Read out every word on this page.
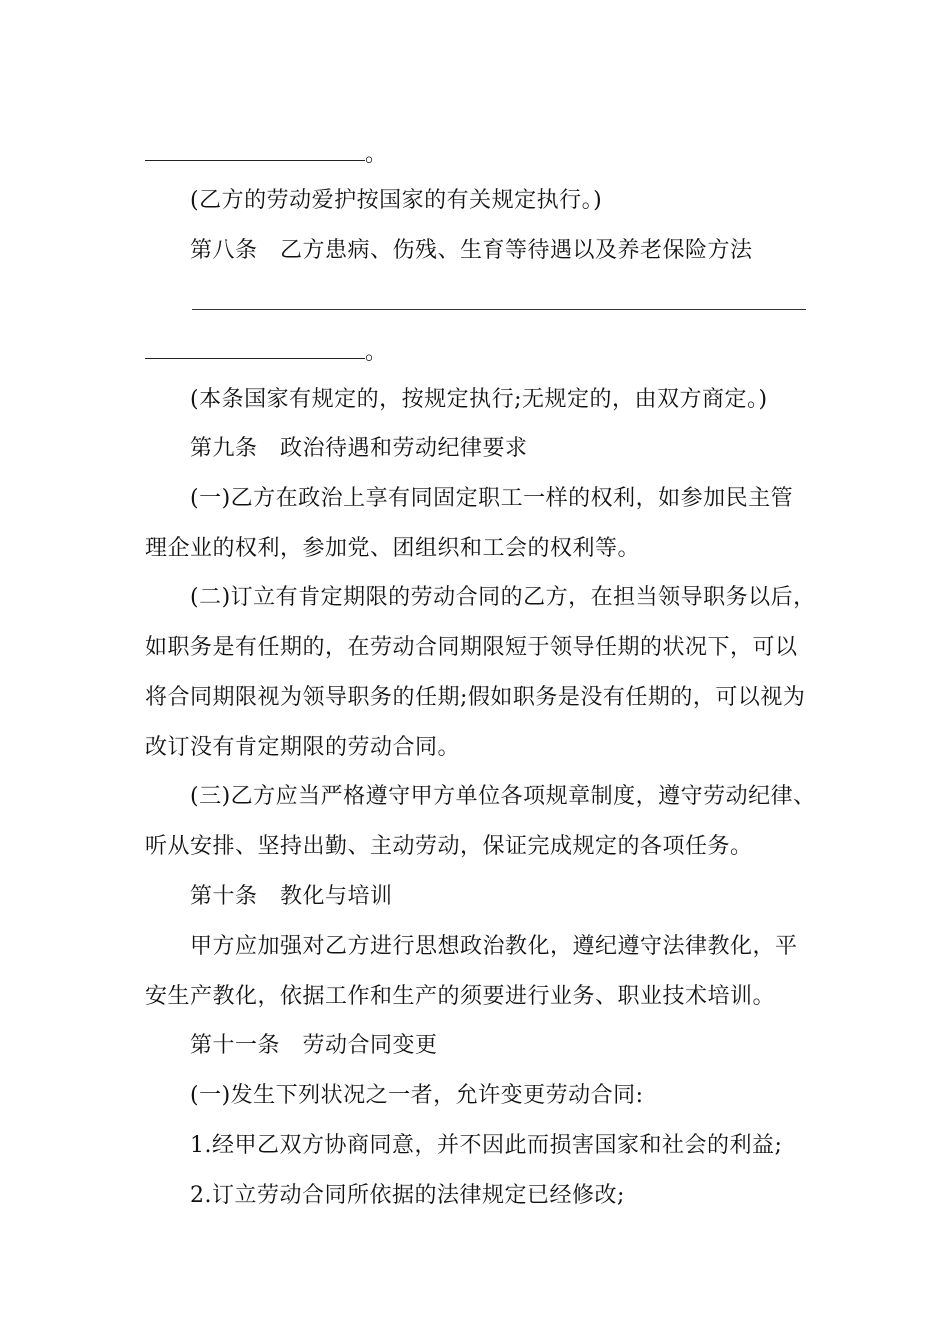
。
(乙方的劳动爱护按国家的有关规定执行。)
第八条　乙方患病、伤残、生育等待遇以及养老保险方法
。
(本条国家有规定的，按规定执行;无规定的，由双方商定。)
第九条　政治待遇和劳动纪律要求
(一)乙方在政治上享有同固定职工一样的权利，如参加民主管
理企业的权利，参加党、团组织和工会的权利等。
(二)订立有肯定期限的劳动合同的乙方，在担当领导职务以后，
如职务是有任期的，在劳动合同期限短于领导任期的状况下，可以
将合同期限视为领导职务的任期;假如职务是没有任期的，可以视为
改订没有肯定期限的劳动合同。
(三)乙方应当严格遵守甲方单位各项规章制度，遵守劳动纪律、
听从安排、坚持出勤、主动劳动，保证完成规定的各项任务。
第十条　教化与培训
甲方应加强对乙方进行思想政治教化，遵纪遵守法律教化，平
安生产教化，依据工作和生产的须要进行业务、职业技术培训。
第十一条　劳动合同变更
(一)发生下列状况之一者，允许变更劳动合同:
1.经甲乙双方协商同意，并不因此而损害国家和社会的利益;
2.订立劳动合同所依据的法律规定已经修改;
